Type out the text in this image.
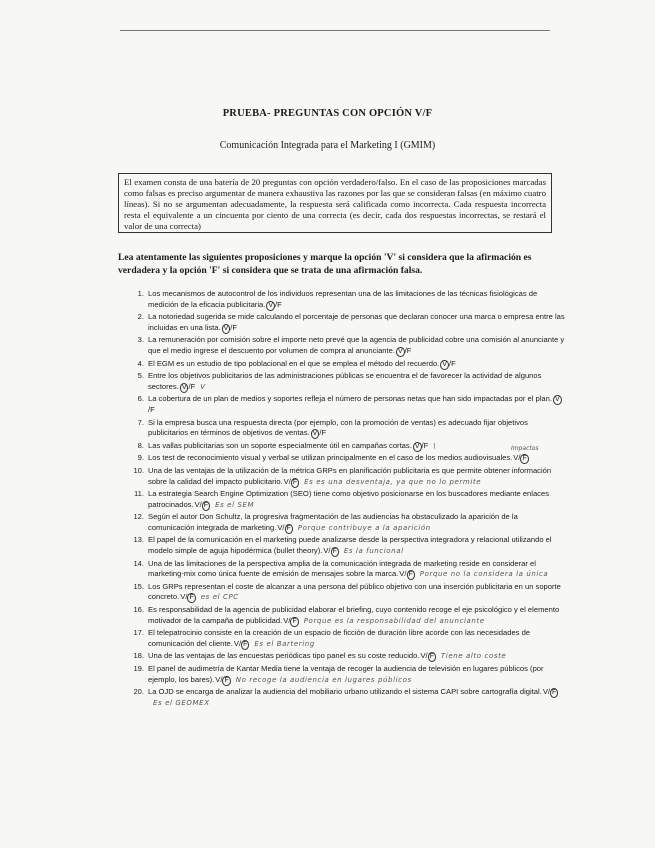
PRUEBA- PREGUNTAS CON OPCIÓN V/F
Comunicación Integrada para el Marketing I (GMIM)
El examen consta de una batería de 20 preguntas con opción verdadero/falso. En el caso de las proposiciones marcadas como falsas es preciso argumentar de manera exhaustiva las razones por las que se consideran falsas (en máximo cuatro líneas). Si no se argumentan adecuadamente, la respuesta será calificada como incorrecta. Cada respuesta incorrecta resta el equivalente a un cincuenta por ciento de una correcta (es decir, cada dos respuestas incorrectas, se restará el valor de una correcta)
Lea atentamente las siguientes proposiciones y marque la opción 'V' si considera que la afirmación es verdadera y la opción 'F' si considera que se trata de una afirmación falsa.
Impactos
1. Los mecanismos de autocontrol de los individuos representan una de las limitaciones de las técnicas fisiológicas de medición de la eficacia publicitaria. V /F
2. La notoriedad sugerida se mide calculando el porcentaje de personas que declaran conocer una marca o empresa entre las incluidas en una lista. V /F
3. La remuneración por comisión sobre el importe neto prevé que la agencia de publicidad cobre una comisión al anunciante y que el medio ingrese el descuento por volumen de compra al anunciante. V /F
4. El EGM es un estudio de tipo poblacional en el que se emplea el método del recuerdo. V /F
5. Entre los objetivos publicitarios de las administraciones públicas se encuentra el de favorecer la actividad de algunos sectores. V /F V
6. La cobertura de un plan de medios y soportes refleja el número de personas netas que han sido impactadas por el plan. V/F
7. Si la empresa busca una respuesta directa (por ejemplo, con la promoción de ventas) es adecuado fijar objetivos publicitarios en términos de objetivos de ventas. V /F
8. Las vallas publicitarias son un soporte especialmente útil en campañas cortas. V /F \
9. Los test de reconocimiento visual y verbal se utilizan principalmente en el caso de los medios audiovisuales.V/ F
10. Una de las ventajas de la utilización de la métrica GRPs en planificación publicitaria es que permite obtener información sobre la calidad del impacto publicitario.V/ F Es es una desventaja, ya que no lo permite
11. La estrategia Search Engine Optimization (SEO) tiene como objetivo posicionarse en los buscadores mediante enlaces patrocinados.V/ F Es el SEM
12. Según el autor Don Schultz, la progresiva fragmentación de las audiencias ha obstaculizado la aparición de la comunicación integrada de marketing.V/ F Porque contribuye a la aparición
13. El papel de la comunicación en el marketing puede analizarse desde la perspectiva integradora y relacional utilizando el modelo simple de aguja hipodérmica (bullet theory).V/ F Es la funcional
14. Una de las limitaciones de la perspectiva amplia de la comunicación integrada de marketing reside en considerar el marketing-mix como única fuente de emisión de mensajes sobre la marca.V/ F Porque no la considera la única
15. Los GRPs representan el coste de alcanzar a una persona del público objetivo con una inserción publicitaria en un soporte concreto.V/ F es el CPC
16. Es responsabilidad de la agencia de publicidad elaborar el briefing, cuyo contenido recoge el eje psicológico y el elemento motivador de la campaña de publicidad.V/ F Porque es la responsabilidad del anunciante
17. El telepatrocinio consiste en la creación de un espacio de ficción de duración libre acorde con las necesidades de comunicación del cliente.V/ F Es el Bartering
18. Una de las ventajas de las encuestas periódicas tipo panel es su coste reducido.V/ F Tiene alto coste
19. El panel de audimetría de Kantar Media tiene la ventaja de recoger la audiencia de televisión en lugares públicos (por ejemplo, los bares).V/ F No recoge la audiencia en lugares públicos
20. La OJD se encarga de analizar la audiencia del mobiliario urbano utilizando el sistema CAPI sobre cartografía digital.V/ FEs el GEOMEX
